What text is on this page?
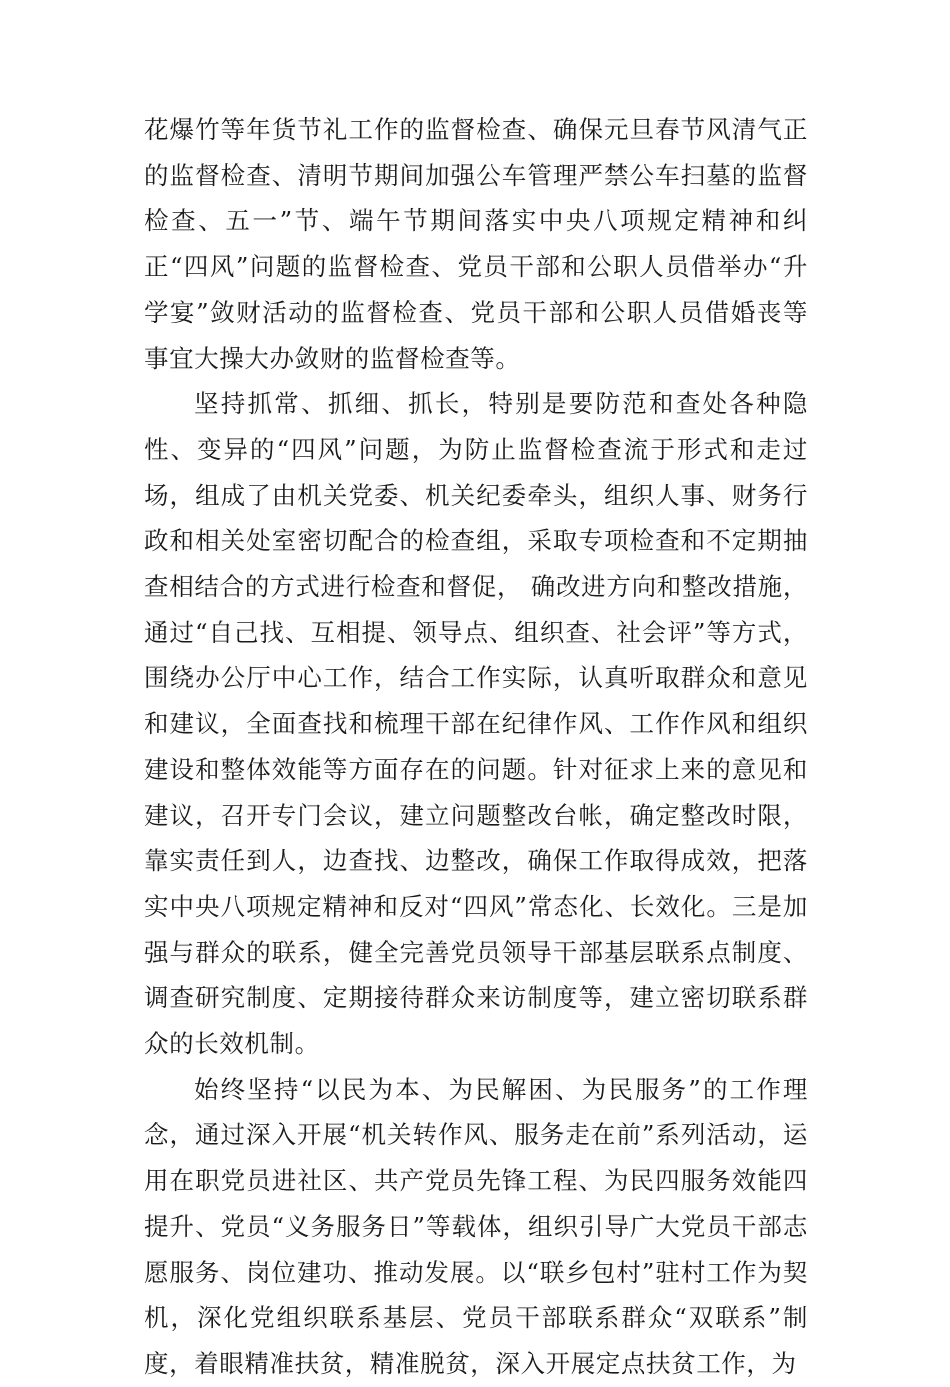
花爆竹等年货节礼工作的监督检查、确保元旦春节风清气正的监督检查、清明节期间加强公车管理严禁公车扫墓的监督检查、五一”节、端午节期间落实中央八项规定精神和纠正“四风”问题的监督检查、党员干部和公职人员借举办“升学宴”敛财活动的监督检查、党员干部和公职人员借婚丧等事宜大操大办敛财的监督检查等。

坚持抓常、抓细、抓长，特别是要防范和查处各种隐性、变异的“四风”问题，为防止监督检查流于形式和走过场，组成了由机关党委、机关纪委牵头，组织人事、财务行政和相关处室密切配合的检查组，采取专项检查和不定期抽查相结合的方式进行检查和督促， 确改进方向和整改措施，通过“自己找、互相提、领导点、组织查、社会评”等方式，围绕办公厅中心工作，结合工作实际，认真听取群众和意见和建议，全面查找和梳理干部在纪律作风、工作作风和组织建设和整体效能等方面存在的问题。针对征求上来的意见和建议，召开专门会议，建立问题整改台帐，确定整改时限，靠实责任到人，边查找、边整改，确保工作取得成效，把落实中央八项规定精神和反对“四风”常态化、长效化。三是加强与群众的联系，健全完善党员领导干部基层联系点制度、调查研究制度、定期接待群众来访制度等，建立密切联系群众的长效机制。

始终坚持“以民为本、为民解困、为民服务”的工作理念，通过深入开展“机关转作风、服务走在前”系列活动，运用在职党员进社区、共产党员先锋工程、为民四服务效能四提升、党员“义务服务日”等载体，组织引导广大党员干部志愿服务、岗位建功、推动发展。以“联乡包村”驻村工作为契机，深化党组织联系基层、党员干部联系群众“双联系”制度，着眼精准扶贫，精准脱贫，深入开展定点扶贫工作，为
